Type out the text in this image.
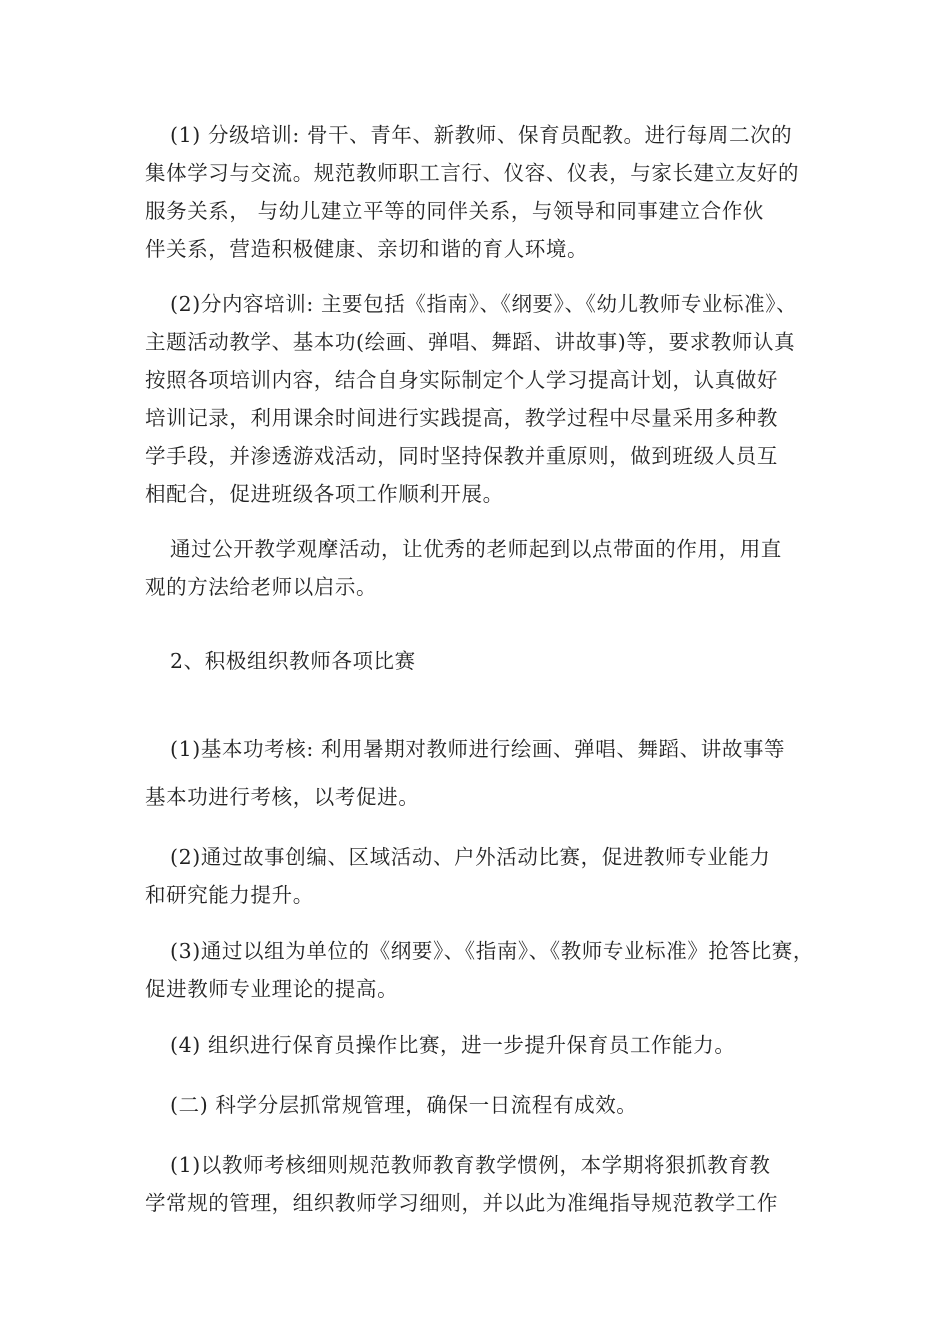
(1) 分级培训: 骨干、青年、新教师、保育员配教。进行每周二次的
集体学习与交流。规范教师职工言行、仪容、仪表，与家长建立友好的
服务关系， 与幼儿建立平等的同伴关系，与领导和同事建立合作伙
伴关系，营造积极健康、亲切和谐的育人环境。

(2)分内容培训: 主要包括《指南》、《纲要》、《幼儿教师专业标准》、
主题活动教学、基本功(绘画、弹唱、舞蹈、讲故事)等，要求教师认真
按照各项培训内容，结合自身实际制定个人学习提高计划，认真做好
培训记录，利用课余时间进行实践提高，教学过程中尽量采用多种教
学手段，并渗透游戏活动，同时坚持保教并重原则，做到班级人员互
相配合，促进班级各项工作顺利开展。

通过公开教学观摩活动，让优秀的老师起到以点带面的作用，用直
观的方法给老师以启示。

2、积极组织教师各项比赛

(1)基本功考核: 利用暑期对教师进行绘画、弹唱、舞蹈、讲故事等

基本功进行考核，以考促进。

(2)通过故事创编、区域活动、户外活动比赛，促进教师专业能力
和研究能力提升。

(3)通过以组为单位的《纲要》、《指南》、《教师专业标准》抢答比赛，
促进教师专业理论的提高。

(4) 组织进行保育员操作比赛，进一步提升保育员工作能力。

(二) 科学分层抓常规管理，确保一日流程有成效。

(1)以教师考核细则规范教师教育教学惯例，本学期将狠抓教育教
学常规的管理，组织教师学习细则，并以此为准绳指导规范教学工作
